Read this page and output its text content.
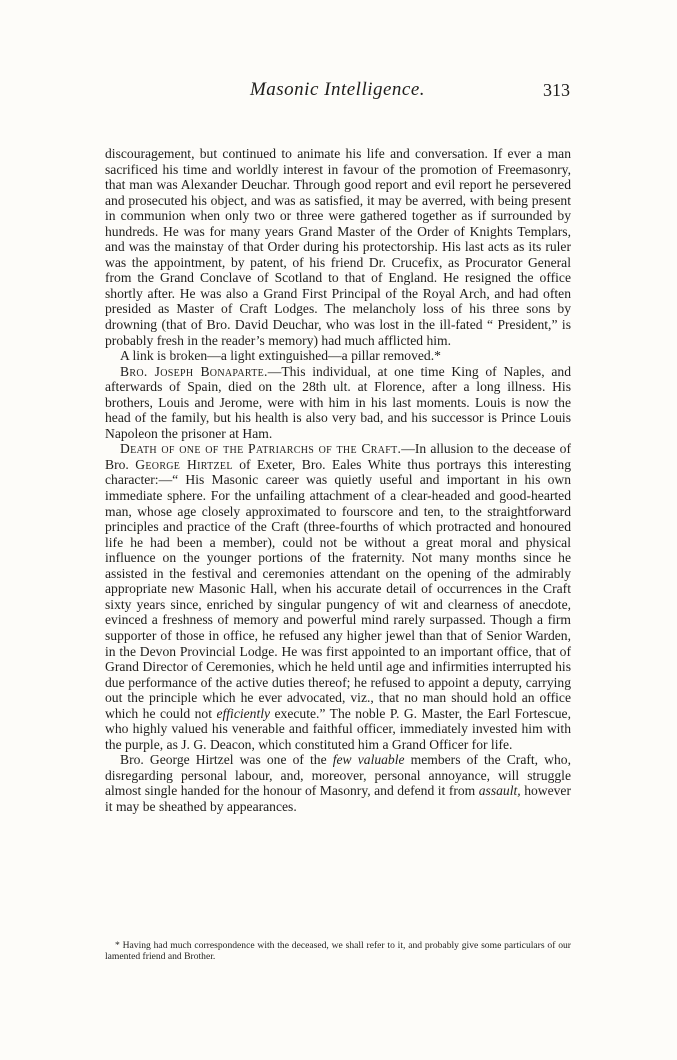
Masonic Intelligence.	313

discouragement, but continued to animate his life and conversation. If ever a man sacrificed his time and worldly interest in favour of the promotion of Freemasonry, that man was Alexander Deuchar. Through good report and evil report he persevered and prosecuted his object, and was as satisfied, it may be averred, with being present in communion when only two or three were gathered together as if surrounded by hundreds. He was for many years Grand Master of the Order of Knights Templars, and was the mainstay of that Order during his protectorship. His last acts as its ruler was the appointment, by patent, of his friend Dr. Crucefix, as Procurator General from the Grand Conclave of Scotland to that of England. He resigned the office shortly after. He was also a Grand First Principal of the Royal Arch, and had often presided as Master of Craft Lodges. The melancholy loss of his three sons by drowning (that of Bro. David Deuchar, who was lost in the ill-fated “ President,” is probably fresh in the reader’s memory) had much afflicted him.

A link is broken—a light extinguished—a pillar removed.*

Bro. Joseph Bonaparte.—This individual, at one time King of Naples, and afterwards of Spain, died on the 28th ult. at Florence, after a long illness. His brothers, Louis and Jerome, were with him in his last moments. Louis is now the head of the family, but his health is also very bad, and his successor is Prince Louis Napoleon the prisoner at Ham.

Death of one of the Patriarchs of the Craft.—In allusion to the decease of Bro. George Hirtzel of Exeter, Bro. Eales White thus portrays this interesting character:—“ His Masonic career was quietly useful and important in his own immediate sphere. For the unfailing attachment of a clear-headed and good-hearted man, whose age closely approximated to fourscore and ten, to the straightforward principles and practice of the Craft (three-fourths of which protracted and honoured life he had been a member), could not be without a great moral and physical influence on the younger portions of the fraternity. Not many months since he assisted in the festival and ceremonies attendant on the opening of the admirably appropriate new Masonic Hall, when his accurate detail of occurrences in the Craft sixty years since, enriched by singular pungency of wit and clearness of anecdote, evinced a freshness of memory and powerful mind rarely surpassed. Though a firm supporter of those in office, he refused any higher jewel than that of Senior Warden, in the Devon Provincial Lodge. He was first appointed to an important office, that of Grand Director of Ceremonies, which he held until age and infirmities interrupted his due performance of the active duties thereof; he refused to appoint a deputy, carrying out the principle which he ever advocated, viz., that no man should hold an office which he could not efficiently execute.” The noble P. G. Master, the Earl Fortescue, who highly valued his venerable and faithful officer, immediately invested him with the purple, as J. G. Deacon, which constituted him a Grand Officer for life.

Bro. George Hirtzel was one of the few valuable members of the Craft, who, disregarding personal labour, and, moreover, personal annoyance, will struggle almost single handed for the honour of Masonry, and defend it from assault, however it may be sheathed by appearances.

* Having had much correspondence with the deceased, we shall refer to it, and probably give some particulars of our lamented friend and Brother.
